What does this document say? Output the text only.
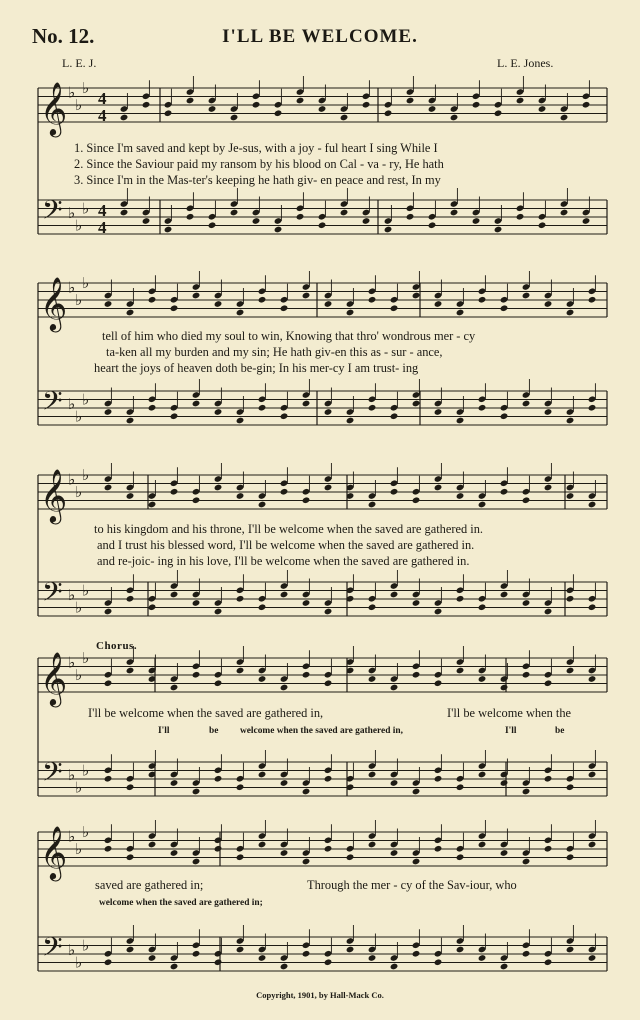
𝄞
𝄢
♭
♭
♭
♭
♭
♭
4
4
4
4
𝄞
𝄢
♭
♭
♭
♭
♭
♭
𝄞
𝄢
♭
♭
♭
♭
♭
♭
𝄞
𝄢
♭
♭
♭
♭
♭
♭
𝄞
𝄢
♭
♭
♭
♭
♭
♭
No. 12.	I'LL BE WELCOME.
L. E. J.	L. E. Jones.
1. Since I'm saved and kept by Je-sus, with a joy - ful heart I sing While I
2. Since the Saviour paid my ransom by his blood on Cal - va - ry, He hath
3. Since I'm in the Mas-ter's keeping he hath giv- en peace and rest, In my
tell of him who died my soul to win, Knowing that thro' wondrous mer - cy
ta-ken all my burden and my sin; He hath giv-en this as - sur - ance,
heart the joys of heaven doth be-gin; In his mer-cy I am trust- ing
to his kingdom and his throne, I'll be welcome when the saved are gathered in.
and I trust his blessed word, I'll be welcome when the saved are gathered in.
and re-joic- ing in his love, I'll be welcome when the saved are gathered in.
Chorus.
I'll be welcome when the saved are gathered in,	I'll be welcome when the
I'll	be welcome when the saved are gathered in,	I'll	be
saved are gathered in;	Through the mer - cy of the Sav-iour, who
welcome when the saved are gathered in;
Copyright, 1901, by Hall-Mack Co.
